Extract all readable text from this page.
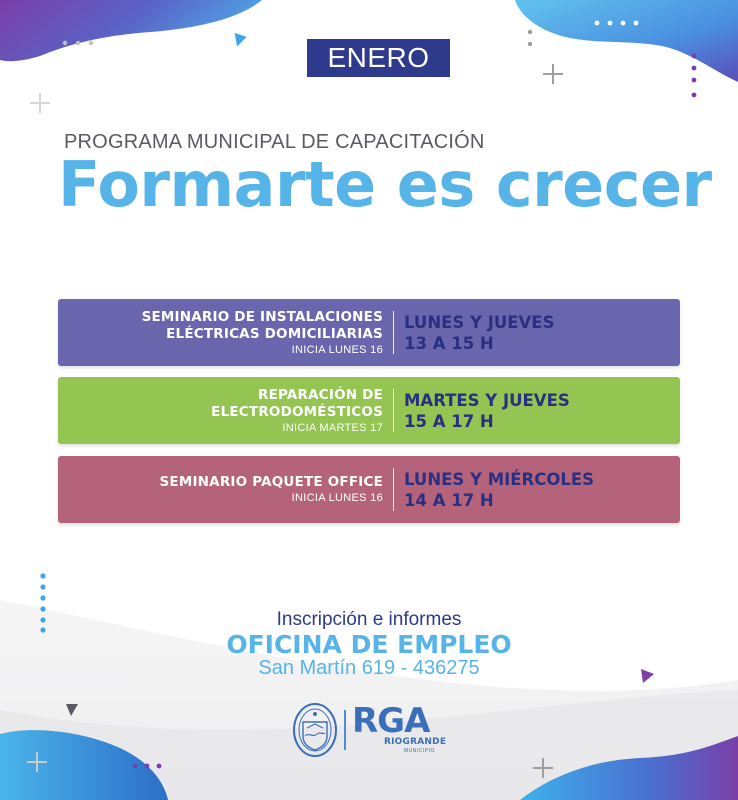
ENERO
PROGRAMA MUNICIPAL DE CAPACITACIÓN
Formarte es crecer
SEMINARIO DE INSTALACIONES
ELÉCTRICAS DOMICILIARIAS
INICIA LUNES 16
LUNES Y JUEVES
13 A 15 H
REPARACIÓN DE
ELECTRODOMÉSTICOS
INICIA MARTES 17
MARTES Y JUEVES
15 A 17 H
SEMINARIO PAQUETE OFFICE
INICIA LUNES 16
LUNES Y MIÉRCOLES
14 A 17 H
Inscripción e informes
OFICINA DE EMPLEO
San Martín 619 - 436275
RGA
RIOGRANDE
MUNICIPIO
